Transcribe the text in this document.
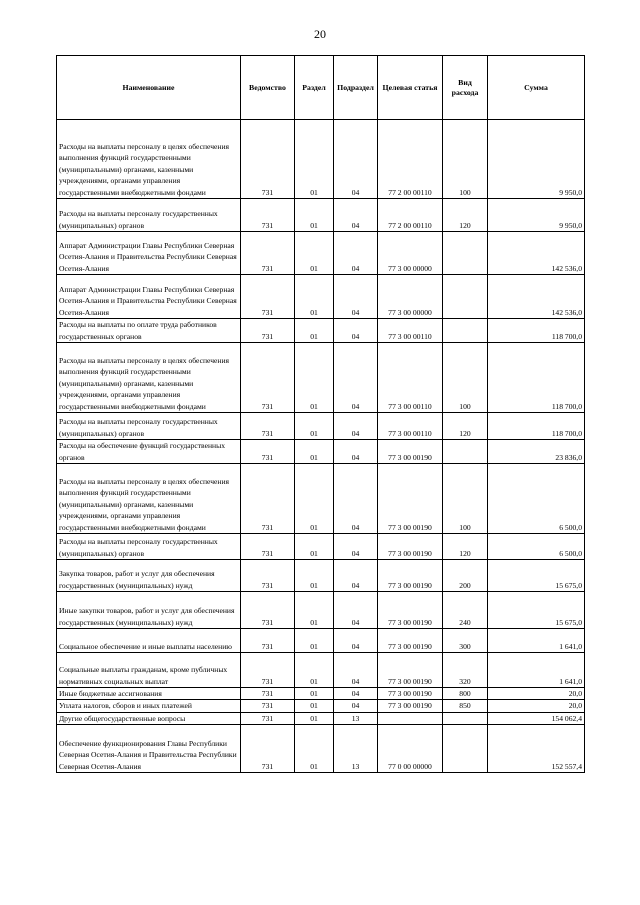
20
Наименование	Ведомство	Раздел	Подраздел	Целевая статья	Вид расхода	Сумма
Расходы на выплаты персоналу в целях обеспечения выполнения функций государственными (муниципальными) органами, казенными учреждениями, органами управления государственными внебюджетными фондами	731	01	04	77 2 00 00110	100	9 950,0
Расходы на выплаты персоналу государственных (муниципальных) органов	731	01	04	77 2 00 00110	120	9 950,0
Аппарат Администрации Главы Республики Северная Осетия-Алания и Правительства Республики Северная Осетия-Алания	731	01	04	77 3 00 00000		142 536,0
Аппарат Администрации Главы Республики Северная Осетия-Алания и Правительства Республики Северная Осетия-Алания	731	01	04	77 3 00 00000		142 536,0
Расходы на выплаты по оплате труда работников государственных органов	731	01	04	77 3 00 00110		118 700,0
Расходы на выплаты персоналу в целях обеспечения выполнения функций государственными (муниципальными) органами, казенными учреждениями, органами управления государственными внебюджетными фондами	731	01	04	77 3 00 00110	100	118 700,0
Расходы на выплаты персоналу государственных (муниципальных) органов	731	01	04	77 3 00 00110	120	118 700,0
Расходы на обеспечение функций государственных органов	731	01	04	77 3 00 00190		23 836,0
Расходы на выплаты персоналу в целях обеспечения выполнения функций государственными (муниципальными) органами, казенными учреждениями, органами управления государственными внебюджетными фондами	731	01	04	77 3 00 00190	100	6 500,0
Расходы на выплаты персоналу государственных (муниципальных) органов	731	01	04	77 3 00 00190	120	6 500,0
Закупка товаров, работ и услуг для обеспечения государственных (муниципальных) нужд	731	01	04	77 3 00 00190	200	15 675,0
Иные закупки товаров, работ и услуг для обеспечения государственных (муниципальных) нужд	731	01	04	77 3 00 00190	240	15 675,0
Социальное обеспечение и иные выплаты населению	731	01	04	77 3 00 00190	300	1 641,0
Социальные выплаты гражданам, кроме публичных нормативных социальных выплат	731	01	04	77 3 00 00190	320	1 641,0
Иные бюджетные ассигнования	731	01	04	77 3 00 00190	800	20,0
Уплата налогов, сборов и иных платежей	731	01	04	77 3 00 00190	850	20,0
Другие общегосударственные вопросы	731	01	13			154 062,4
Обеспечение функционирования Главы Республики Северная Осетия-Алания и Правительства Республики Северная Осетия-Алания	731	01	13	77 0 00 00000		152 557,4
